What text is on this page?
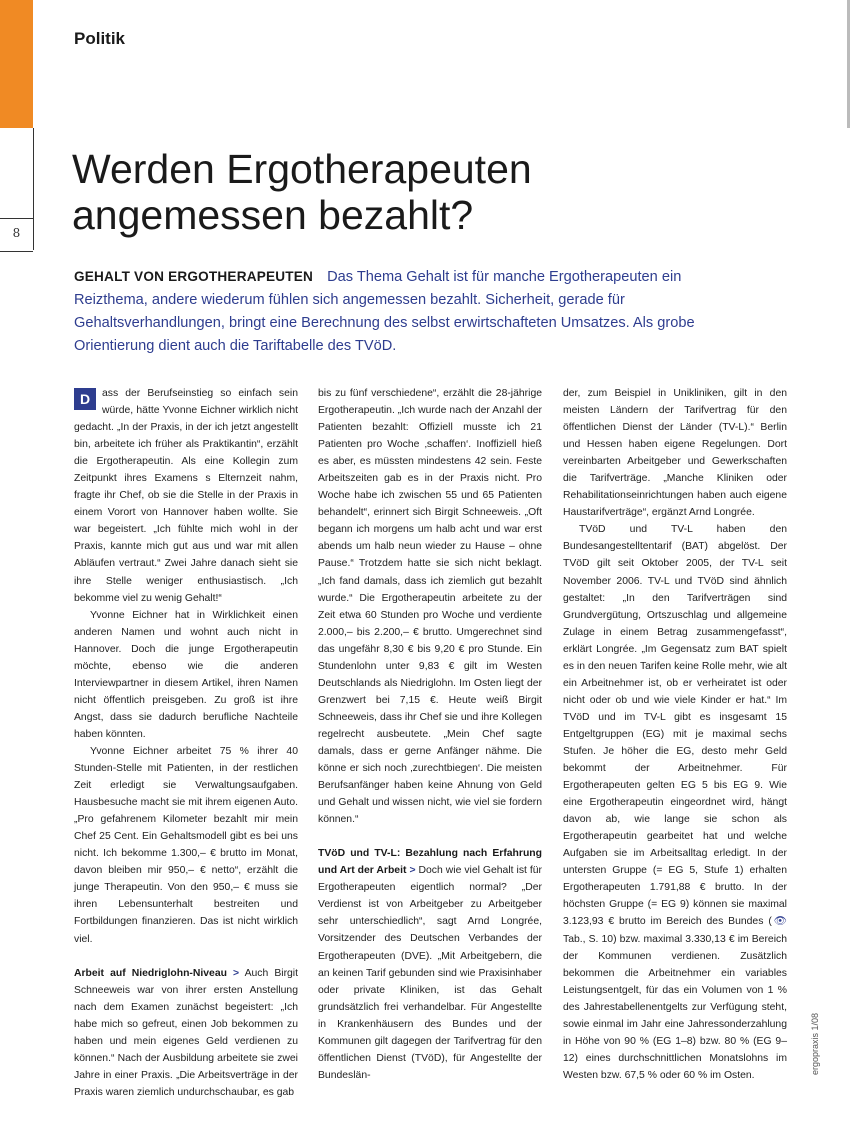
8
Politik
Werden Ergotherapeuten
angemessen bezahlt?
GEHALT VON ERGOTHERAPEUTEN Das Thema Gehalt ist für manche Ergotherapeuten ein Reizthema, andere wiederum fühlen sich angemessen bezahlt. Sicherheit, gerade für Gehaltsverhandlungen, bringt eine Berechnung des selbst erwirtschafteten Umsatzes. Als grobe Orientierung dient auch die Tariftabelle des TVöD.

D	ass der Berufseinstieg so einfach sein würde, hätte Yvonne Eichner wirklich nicht gedacht. „In der Praxis, in der ich jetzt angestellt bin, arbeitete ich früher als Praktikantin“, erzählt die Ergotherapeutin. Als eine Kollegin zum Zeitpunkt ihres Examens s Elternzeit nahm, fragte ihr Chef, ob sie die Stelle in der Praxis in einem Vorort von Hannover haben wollte. Sie war begeistert. „Ich fühlte mich wohl in der Praxis, kannte mich gut aus und war mit allen Abläufen vertraut.“ Zwei Jahre danach sieht sie ihre Stelle weniger enthusiastisch. „Ich bekomme viel zu wenig Gehalt!“

Yvonne Eichner hat in Wirklichkeit einen anderen Namen und wohnt auch nicht in Hannover. Doch die junge Ergotherapeutin möchte, ebenso wie die anderen Interviewpartner in diesem Artikel, ihren Namen nicht öffentlich preisgeben. Zu groß ist ihre Angst, dass sie dadurch berufliche Nachteile haben könnten.

Yvonne Eichner arbeitet 75 % ihrer 40 Stunden-Stelle mit Patienten, in der restlichen Zeit erledigt sie Verwaltungsaufgaben. Hausbesuche macht sie mit ihrem eigenen Auto. „Pro gefahrenem Kilometer bezahlt mir mein Chef 25 Cent. Ein Gehaltsmodell gibt es bei uns nicht. Ich bekomme 1.300,– € brutto im Monat, davon bleiben mir 950,– € netto“, erzählt die junge Therapeutin. Von den 950,– € muss sie ihren Lebensunterhalt bestreiten und Fortbildungen finanzieren. Das ist nicht wirklich viel.

Arbeit auf Niedriglohn-Niveau > Auch Birgit Schneeweis war von ihrer ersten Anstellung nach dem Examen zunächst begeistert: „Ich habe mich so gefreut, einen Job bekommen zu haben und mein eigenes Geld verdienen zu können.“ Nach der Ausbildung arbeitete sie zwei Jahre in einer Praxis. „Die Arbeitsverträge in der Praxis waren ziemlich undurchschaubar, es gab

bis zu fünf verschiedene“, erzählt die 28-jährige Ergotherapeutin. „Ich wurde nach der Anzahl der Patienten bezahlt: Offiziell musste ich 21 Patienten pro Woche ‚schaffen‘. Inoffiziell hieß es aber, es müssten mindestens 42 sein. Feste Arbeitszeiten gab es in der Praxis nicht. Pro Woche habe ich zwischen 55 und 65 Patienten behandelt“, erinnert sich Birgit Schneeweis. „Oft begann ich morgens um halb acht und war erst abends um halb neun wieder zu Hause – ohne Pause.“ Trotzdem hatte sie sich nicht beklagt. „Ich fand damals, dass ich ziemlich gut bezahlt wurde.“ Die Ergotherapeutin arbeitete zu der Zeit etwa 60 Stunden pro Woche und verdiente 2.000,– bis 2.200,– € brutto. Umgerechnet sind das ungefähr 8,30 € bis 9,20 € pro Stunde. Ein Stundenlohn unter 9,83 € gilt im Westen Deutschlands als Niedriglohn. Im Osten liegt der Grenzwert bei 7,15 €. Heute weiß Birgit Schneeweis, dass ihr Chef sie und ihre Kollegen regelrecht ausbeutete. „Mein Chef sagte damals, dass er gerne Anfänger nähme. Die könne er sich noch ‚zurechtbiegen‘. Die meisten Berufsanfänger haben keine Ahnung von Geld und Gehalt und wissen nicht, wie viel sie fordern können.“

TVöD und TV-L: Bezahlung nach Erfahrung und Art der Arbeit > Doch wie viel Gehalt ist für Ergotherapeuten eigentlich normal? „Der Verdienst ist von Arbeitgeber zu Arbeitgeber sehr unterschiedlich“, sagt Arnd Longrée, Vorsitzender des Deutschen Verbandes der Ergotherapeuten (DVE). „Mit Arbeitgebern, die an keinen Tarif gebunden sind wie Praxisinhaber oder private Kliniken, ist das Gehalt grundsätzlich frei verhandelbar. Für Angestellte in Krankenhäusern des Bundes und der Kommunen gilt dagegen der Tarifvertrag für den öffentlichen Dienst (TVöD), für Angestellte der Bundeslän-

der, zum Beispiel in Unikliniken, gilt in den meisten Ländern der Tarifvertrag für den öffentlichen Dienst der Länder (TV-L).“ Berlin und Hessen haben eigene Regelungen. Dort vereinbarten Arbeitgeber und Gewerkschaften die Tarifverträge. „Manche Kliniken oder Rehabilitationseinrichtungen haben auch eigene Haustarifverträge“, ergänzt Arnd Longrée.

TVöD und TV-L haben den Bundesangestelltentarif (BAT) abgelöst. Der TVöD gilt seit Oktober 2005, der TV-L seit November 2006. TV-L und TVöD sind ähnlich gestaltet: „In den Tarifverträgen sind Grundvergütung, Ortszuschlag und allgemeine Zulage in einem Betrag zusammengefasst“, erklärt Longrée. „Im Gegensatz zum BAT spielt es in den neuen Tarifen keine Rolle mehr, wie alt ein Arbeitnehmer ist, ob er verheiratet ist oder nicht oder ob und wie viele Kinder er hat.“ Im TVöD und im TV-L gibt es insgesamt 15 Entgeltgruppen (EG) mit je maximal sechs Stufen. Je höher die EG, desto mehr Geld bekommt der Arbeitnehmer. Für Ergotherapeuten gelten EG 5 bis EG 9. Wie eine Ergotherapeutin eingeordnet wird, hängt davon ab, wie lange sie schon als Ergotherapeutin gearbeitet hat und welche Aufgaben sie im Arbeitsalltag erledigt. In der untersten Gruppe (= EG 5, Stufe 1) erhalten Ergotherapeuten 1.791,88 € brutto. In der höchsten Gruppe (= EG 9) können sie maximal 3.123,93 € brutto im Bereich des Bundes (👁 Tab., S. 10) bzw. maximal 3.330,13 € im Bereich der Kommunen verdienen. Zusätzlich bekommen die Arbeitnehmer ein variables Leistungsentgelt, für das ein Volumen von 1 % des Jahrestabellenentgelts zur Verfügung steht, sowie einmal im Jahr eine Jahressonderzahlung in Höhe von 90 % (EG 1–8) bzw. 80 % (EG 9–12) eines durchschnittlichen Monatslohns im Westen bzw. 67,5 % oder 60 % im Osten.

ergopraxis 1/08
